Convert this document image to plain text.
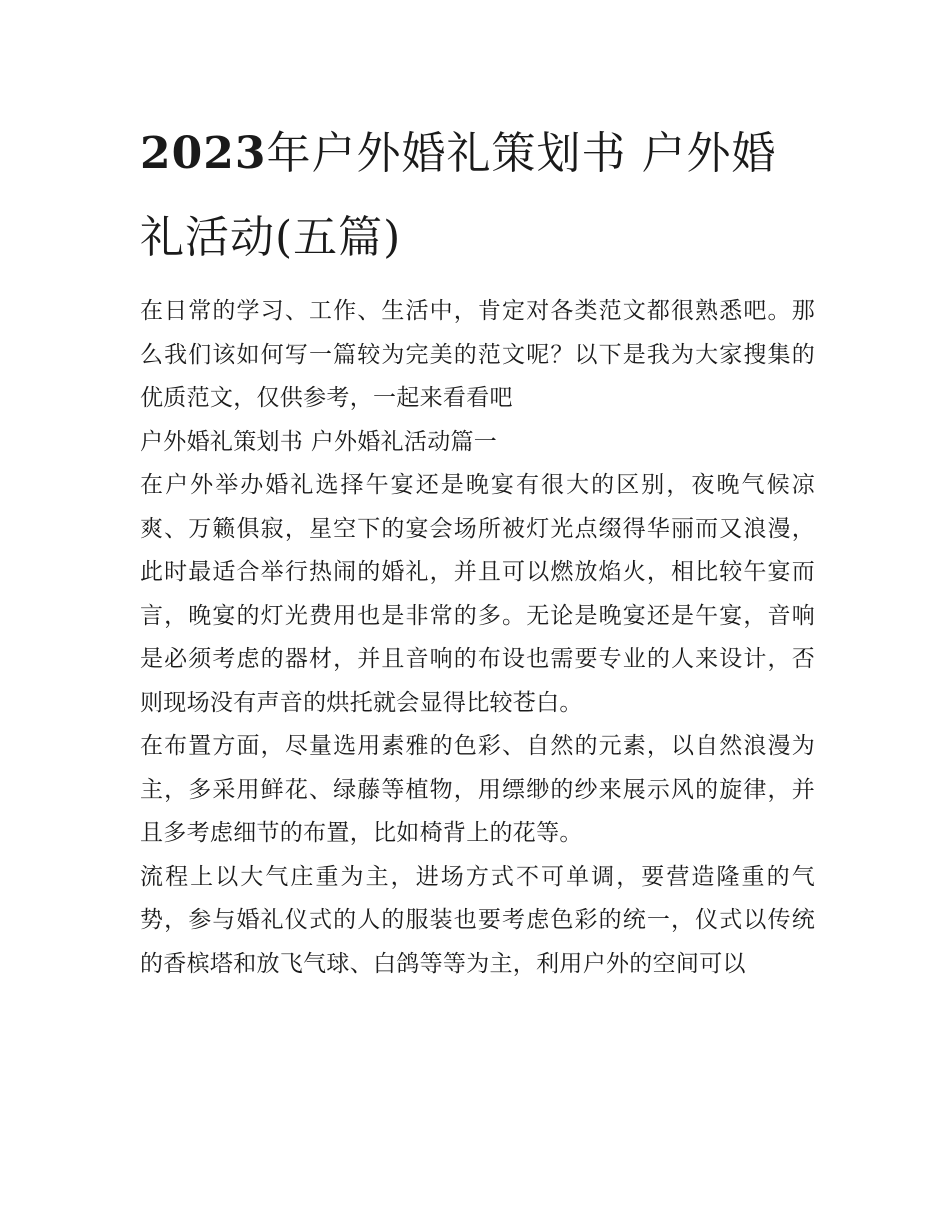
2023年户外婚礼策划书 户外婚礼活动(五篇)

在日常的学习、工作、生活中，肯定对各类范文都很熟悉吧。那么我们该如何写一篇较为完美的范文呢？以下是我为大家搜集的优质范文，仅供参考，一起来看看吧

户外婚礼策划书 户外婚礼活动篇一

在户外举办婚礼选择午宴还是晚宴有很大的区别，夜晚气候凉爽、万籁俱寂，星空下的宴会场所被灯光点缀得华丽而又浪漫，此时最适合举行热闹的婚礼，并且可以燃放焰火，相比较午宴而言，晚宴的灯光费用也是非常的多。无论是晚宴还是午宴，音响是必须考虑的器材，并且音响的布设也需要专业的人来设计，否则现场没有声音的烘托就会显得比较苍白。

在布置方面，尽量选用素雅的色彩、自然的元素，以自然浪漫为主，多采用鲜花、绿藤等植物，用缥缈的纱来展示风的旋律，并且多考虑细节的布置，比如椅背上的花等。

流程上以大气庄重为主，进场方式不可单调，要营造隆重的气势，参与婚礼仪式的人的服装也要考虑色彩的统一，仪式以传统的香槟塔和放飞气球、白鸽等等为主，利用户外的空间可以
